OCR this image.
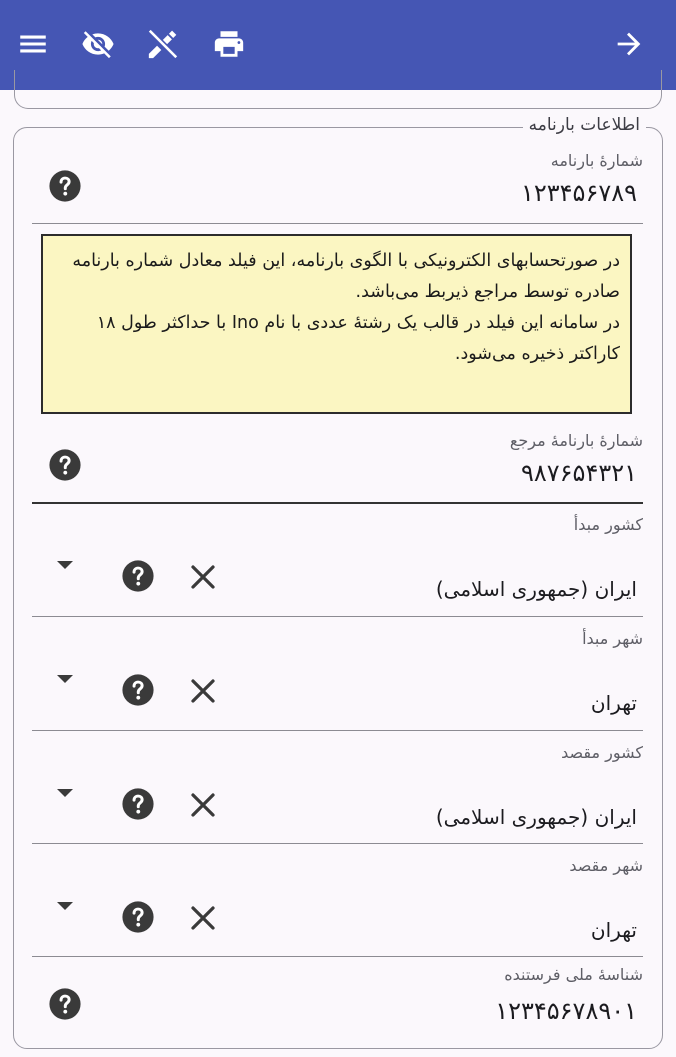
اطلاعات بارنامه
شمارهٔ بارنامه
۱۲۳۴۵۶۷۸۹

در صورتحسابهای الکترونیکی با الگوی بارنامه، این فیلد معادل شماره بارنامه صادره توسط مراجع ذیربط می‌باشد.

در سامانه این فیلد در قالب یک رشتهٔ عددی با نام Ino با حداکثر طول ۱۸ کاراکتر ذخیره می‌شود.

شمارهٔ بارنامهٔ مرجع
۹۸۷۶۵۴۳۲۱
کشور مبدأ
ایران (جمهوری اسلامی)
شهر مبدأ
تهران
کشور مقصد
ایران (جمهوری اسلامی)
شهر مقصد
تهران
شناسهٔ ملی فرستنده
۱۲۳۴۵۶۷۸۹۰۱
